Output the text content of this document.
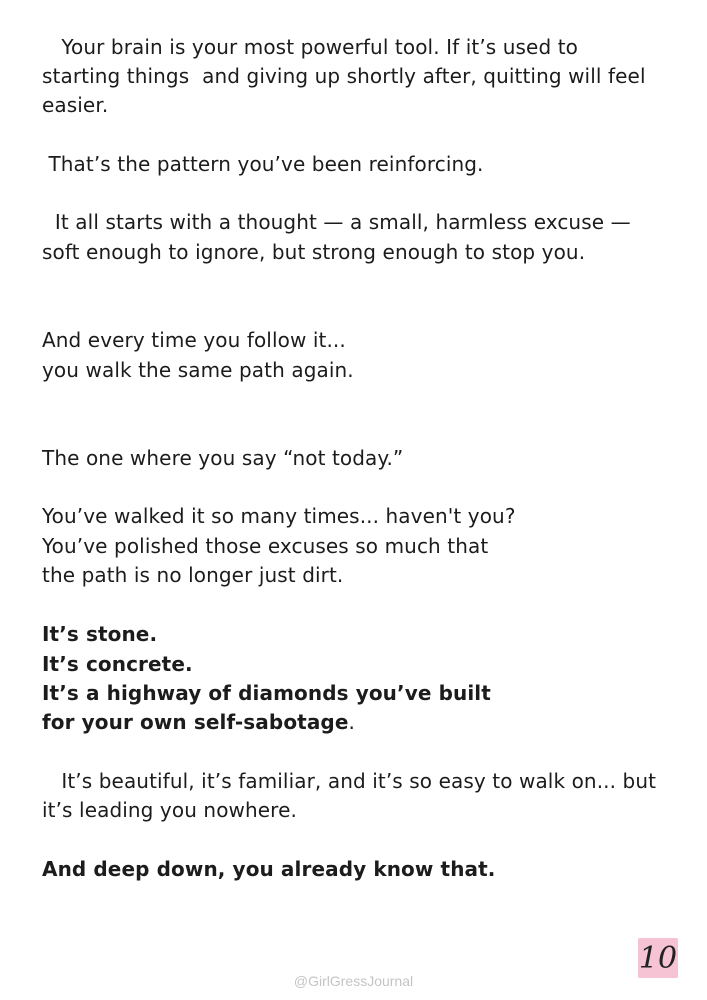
Your brain is your most powerful tool. If it’s used to
starting things  and giving up shortly after, quitting will feel
easier.
That’s the pattern you’ve been reinforcing.
It all starts with a thought — a small, harmless excuse —
soft enough to ignore, but strong enough to stop you.
And every time you follow it...
you walk the same path again.
The one where you say “not today.”
You’ve walked it so many times... haven't you?
You’ve polished those excuses so much that
the path is no longer just dirt.
It’s stone.
It’s concrete.
It’s a highway of diamonds you’ve built
for your own self-sabotage.
It’s beautiful, it’s familiar, and it’s so easy to walk on... but
it’s leading you nowhere.
And deep down, you already know that.
10
@GirlGressJournal
